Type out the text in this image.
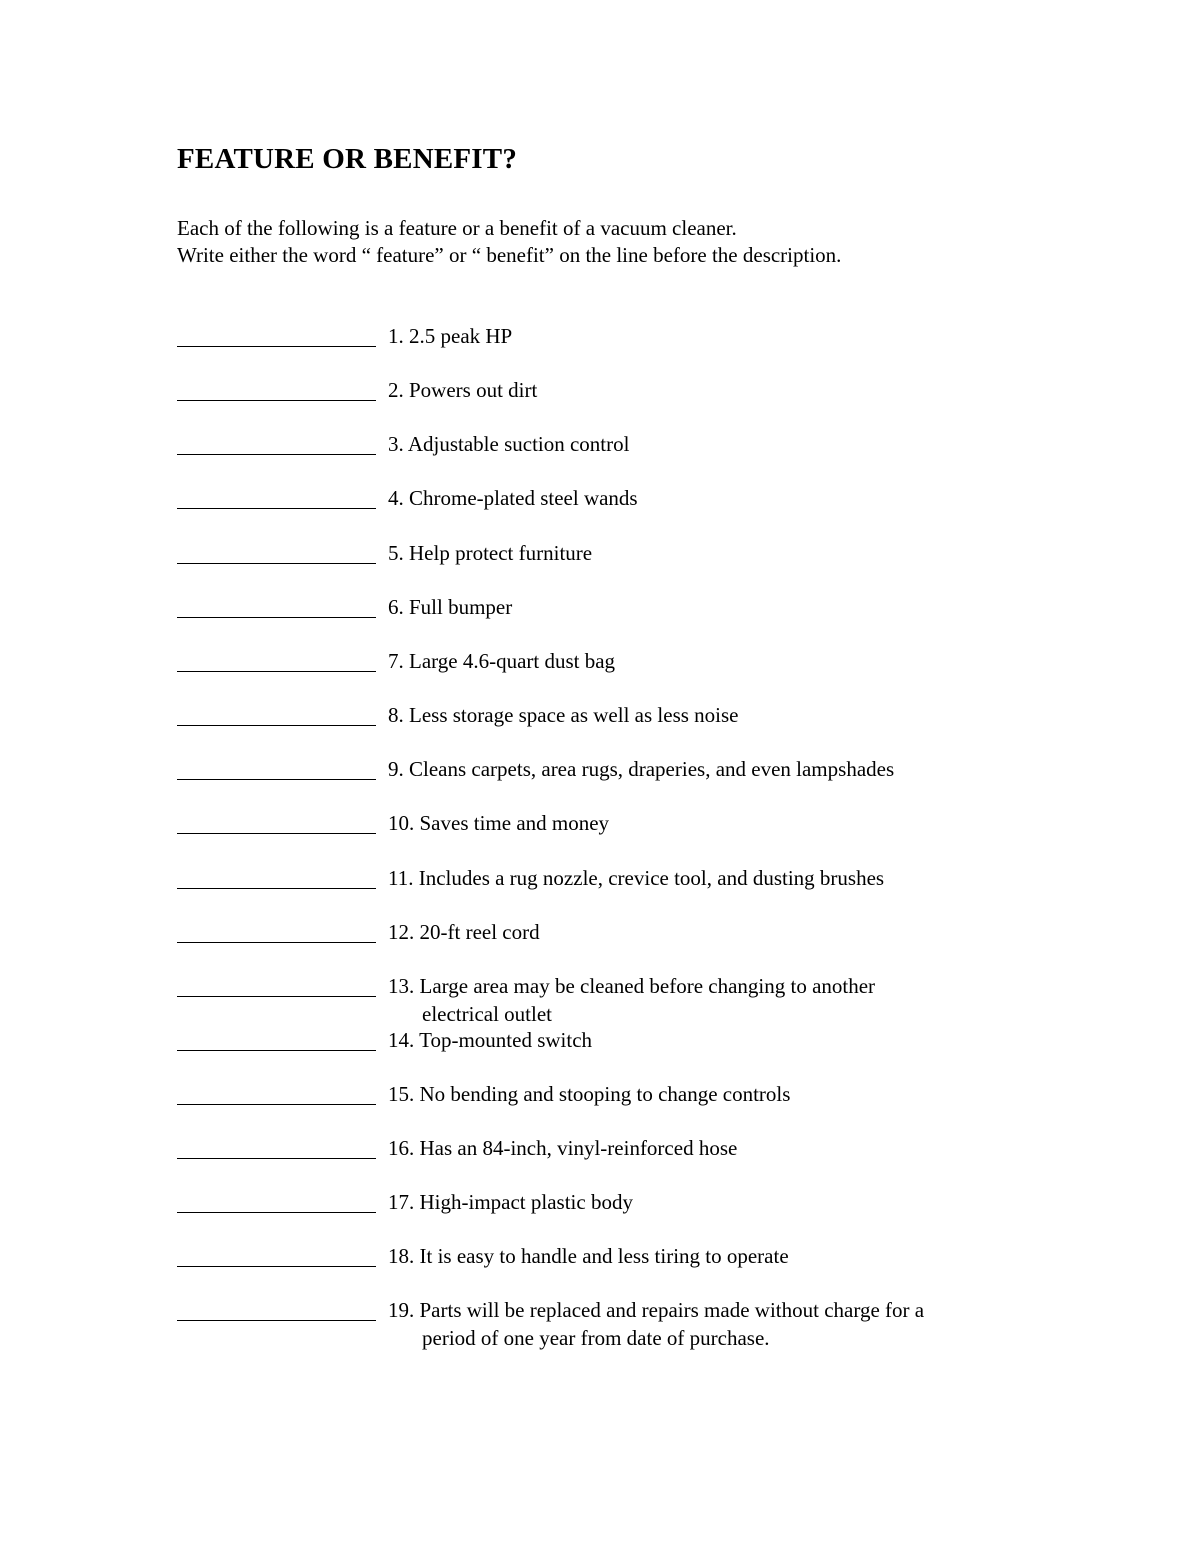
FEATURE OR BENEFIT?
Each of the following is a feature or a benefit of a vacuum cleaner.
Write either the word “ feature” or “ benefit” on the line before the description.
1. 2.5 peak HP
2. Powers out dirt
3. Adjustable suction control
4. Chrome-plated steel wands
5. Help protect furniture
6. Full bumper
7. Large 4.6-quart dust bag
8. Less storage space as well as less noise
9. Cleans carpets, area rugs, draperies, and even lampshades
10. Saves time and money
11. Includes a rug nozzle, crevice tool, and dusting brushes
12. 20-ft reel cord
13. Large area may be cleaned before changing to another
electrical outlet
14. Top-mounted switch
15. No bending and stooping to change controls
16. Has an 84-inch, vinyl-reinforced hose
17. High-impact plastic body
18. It is easy to handle and less tiring to operate
19. Parts will be replaced and repairs made without charge for a
period of one year from date of purchase.
